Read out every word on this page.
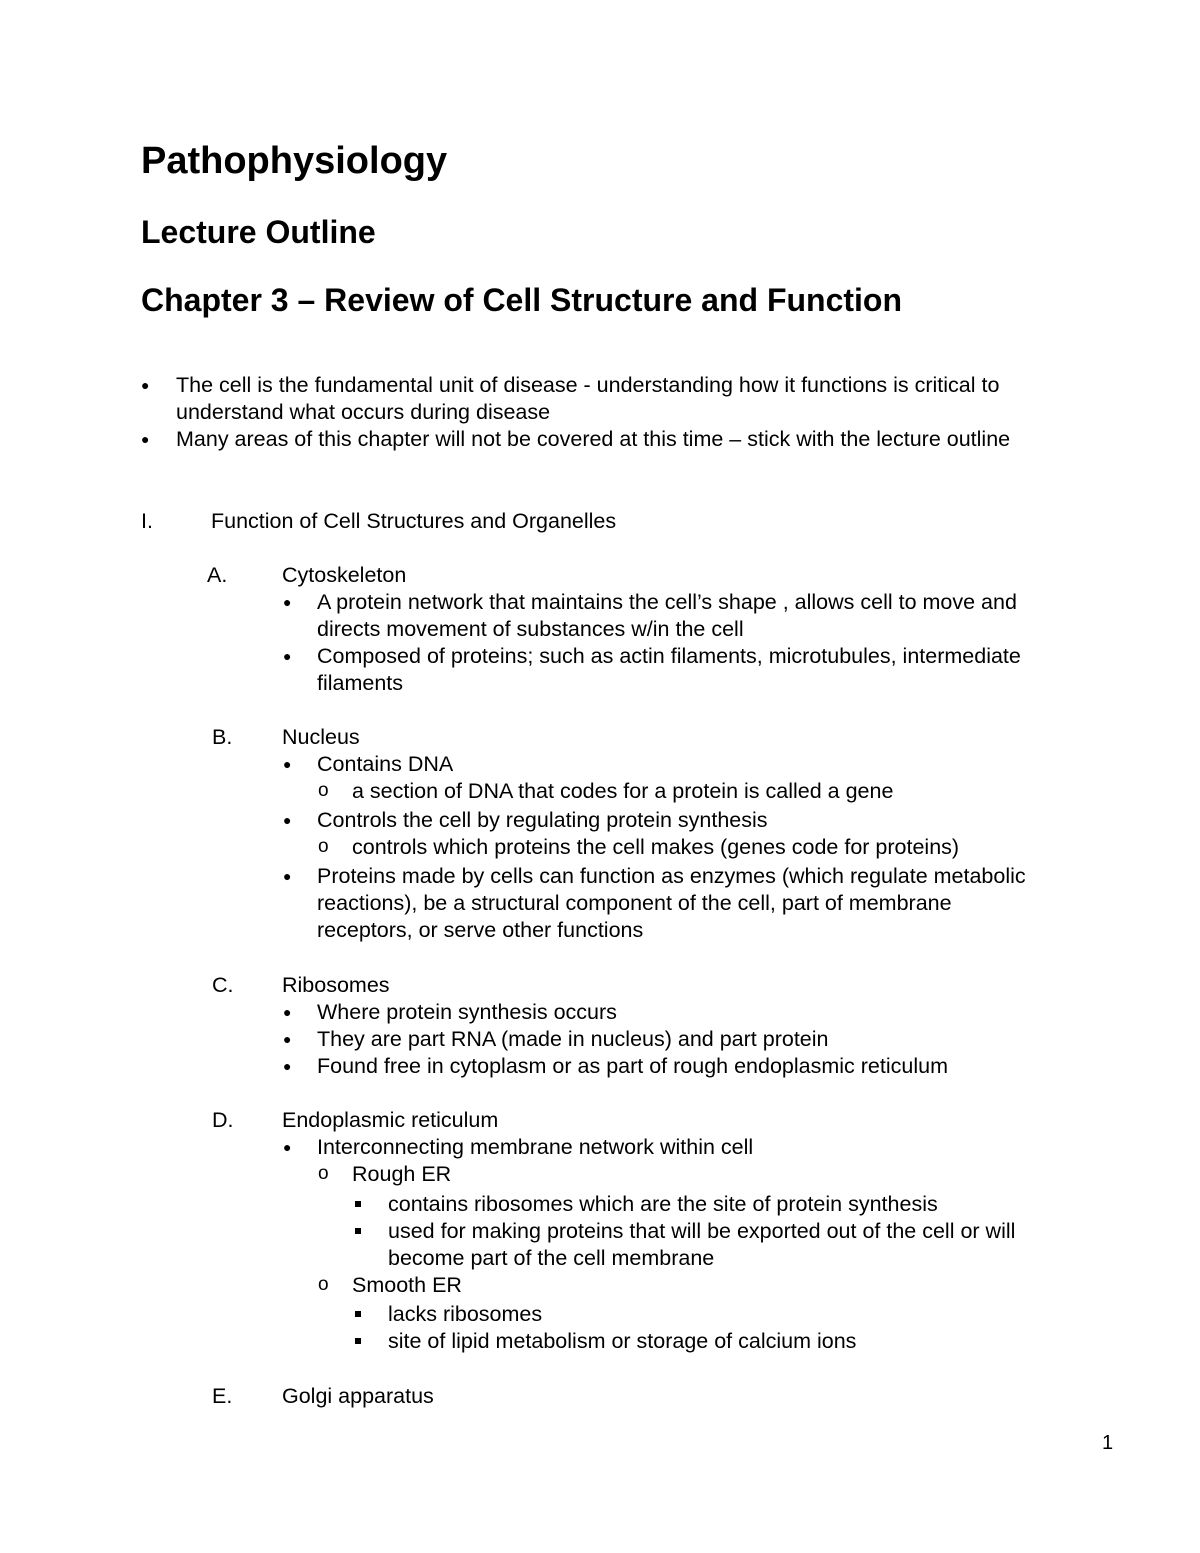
Pathophysiology
Lecture Outline
Chapter 3 – Review of Cell Structure and Function
● The cell is the fundamental unit of disease - understanding how it functions is critical to
understand what occurs during disease
● Many areas of this chapter will not be covered at this time – stick with the lecture outline
I.	Function of Cell Structures and Organelles
A.	Cytoskeleton
● A protein network that maintains the cell’s shape , allows cell to move and
directs movement of substances w/in the cell
● Composed of proteins; such as actin filaments, microtubules, intermediate
filaments
B. Nucleus
● Contains DNA
o a section of DNA that codes for a protein is called a gene
● Controls the cell by regulating protein synthesis
o controls which proteins the cell makes (genes code for proteins)
● Proteins made by cells can function as enzymes (which regulate metabolic
reactions), be a structural component of the cell, part of membrane
receptors, or serve other functions
C. Ribosomes
● Where protein synthesis occurs
● They are part RNA (made in nucleus) and part protein
● Found free in cytoplasm or as part of rough endoplasmic reticulum
D. Endoplasmic reticulum
● Interconnecting membrane network within cell
o Rough ER
contains ribosomes which are the site of protein synthesis
used for making proteins that will be exported out of the cell or will
become part of the cell membrane
o Smooth ER
lacks ribosomes
site of lipid metabolism or storage of calcium ions
E. Golgi apparatus
1
